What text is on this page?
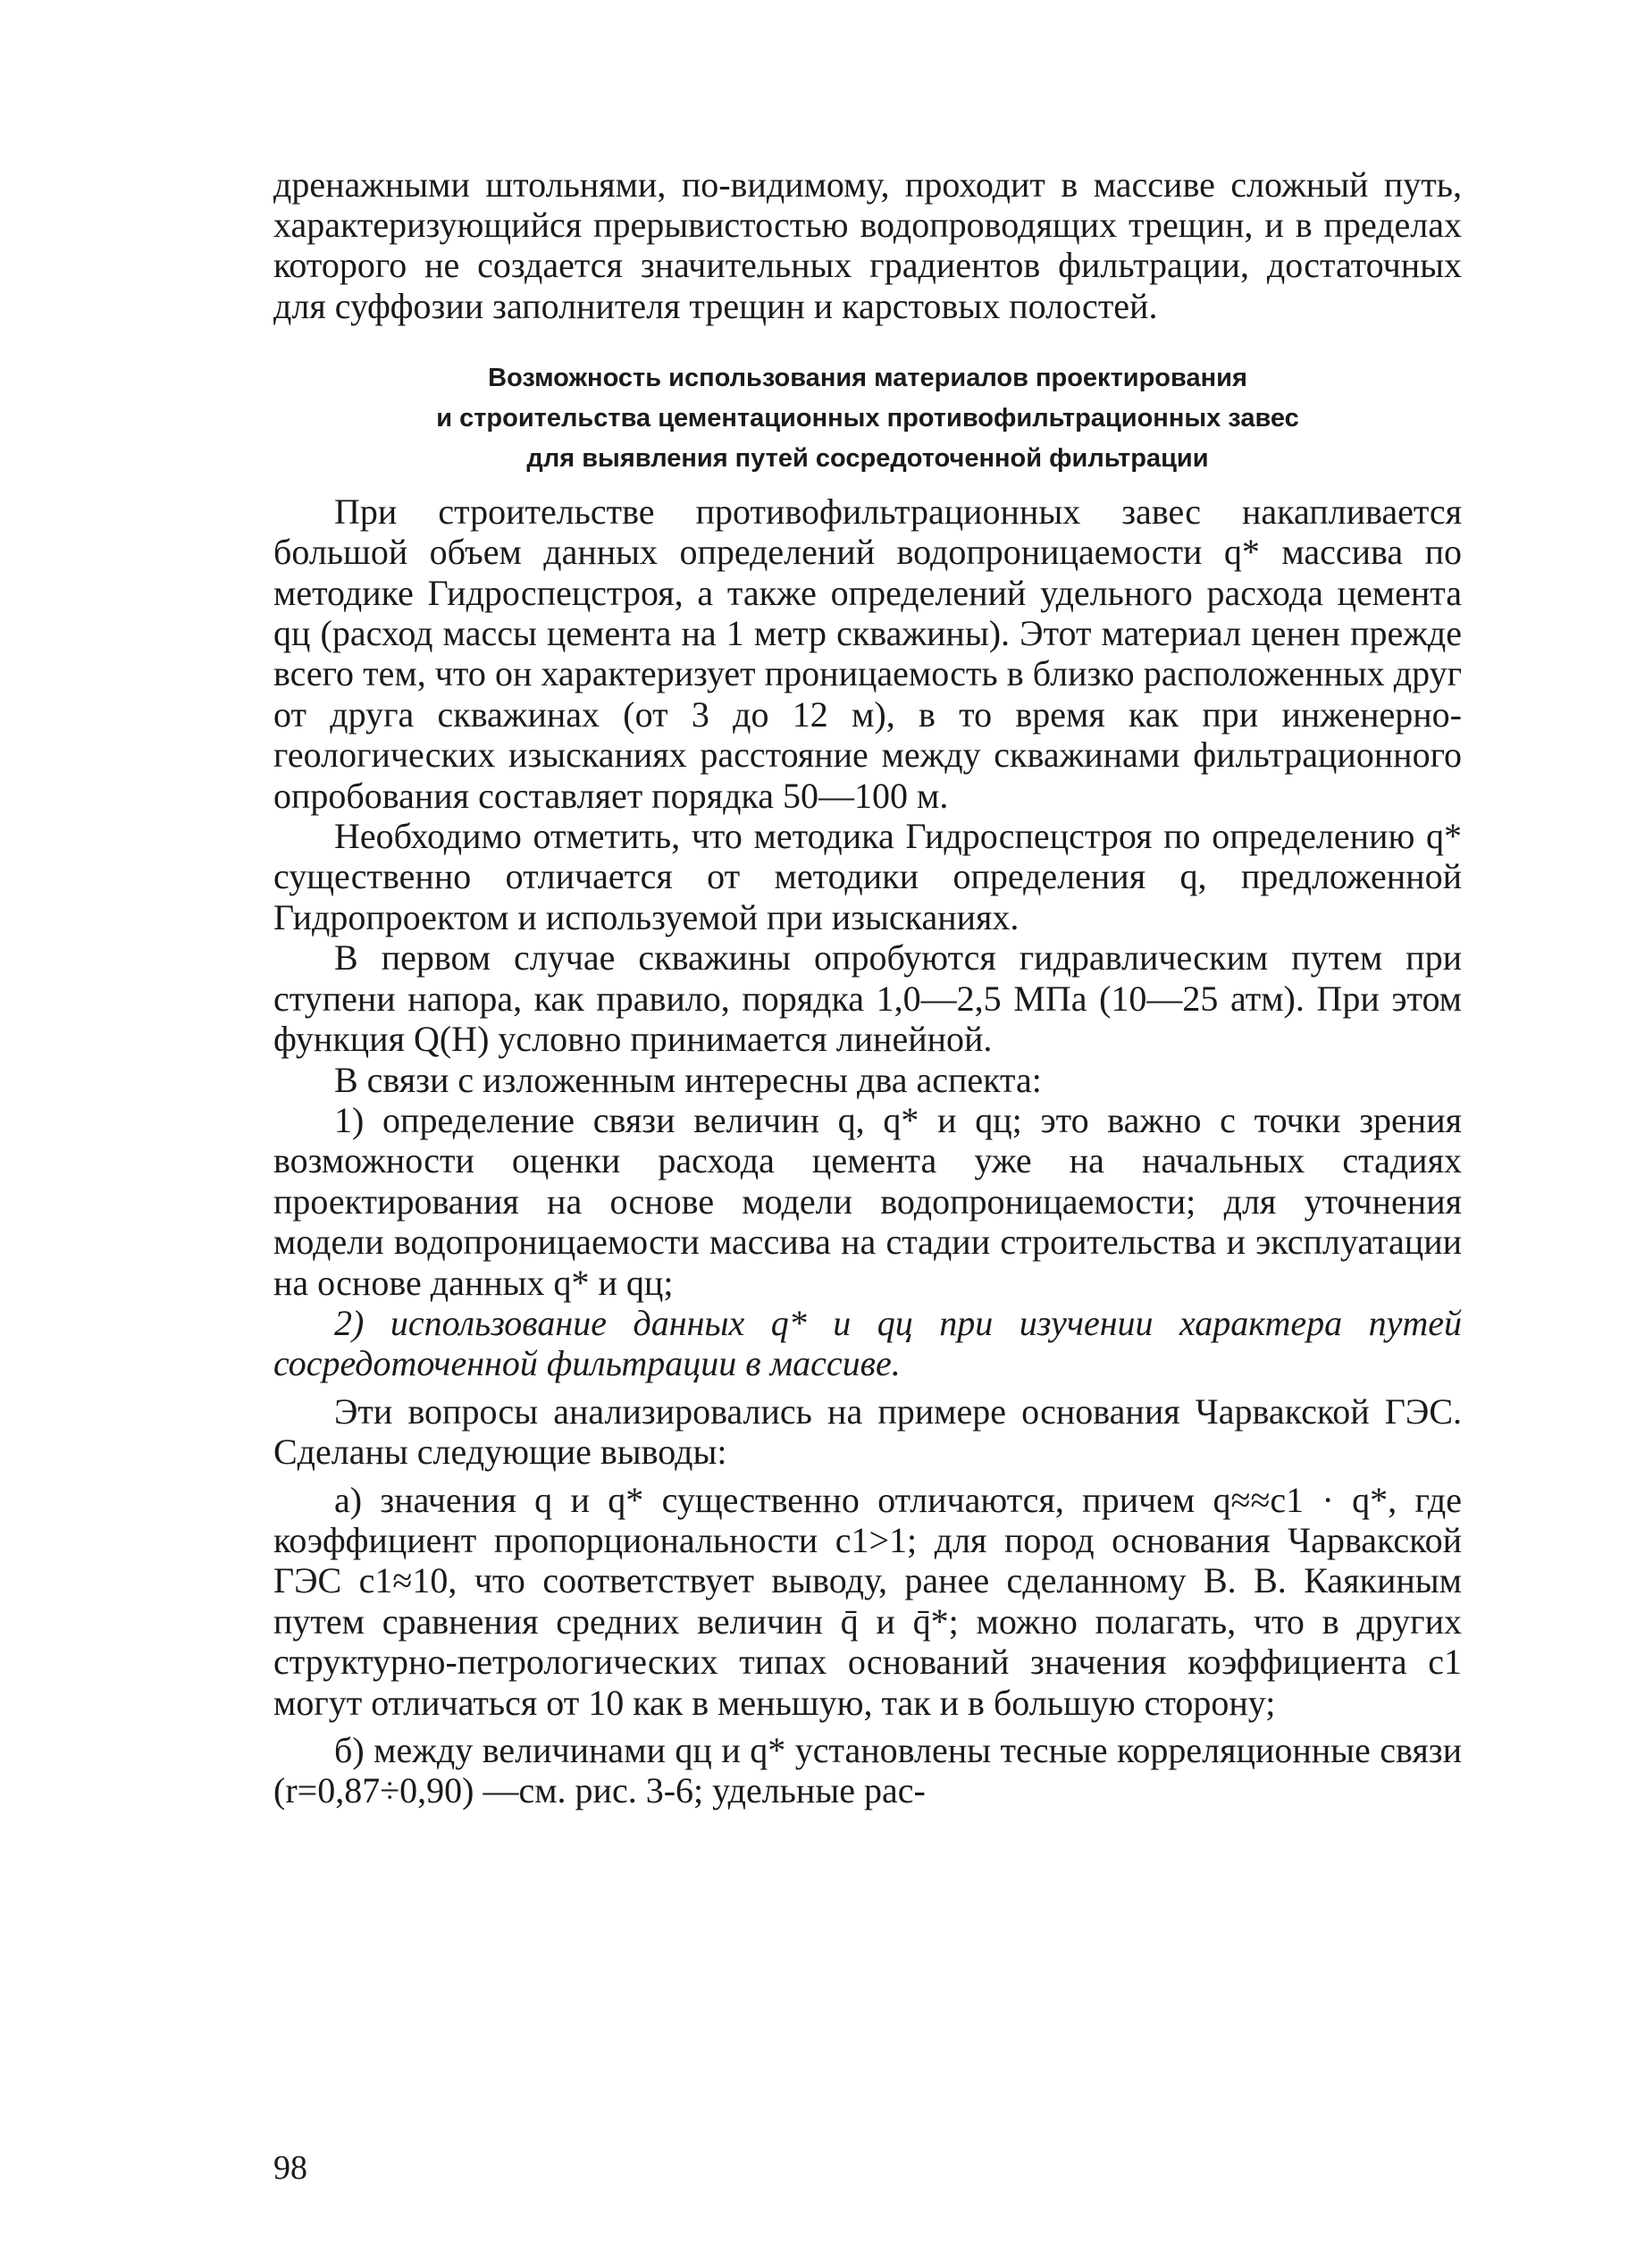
дренажными штольнями, по-видимому, проходит в массиве сложный путь, характеризующийся прерывистостью водопроводящих трещин, и в пределах которого не создается значительных градиентов фильтрации, достаточных для суффозии заполнителя трещин и карстовых полостей.

Возможность использования материалов проектирования
и строительства цементационных противофильтрационных завес
для выявления путей сосредоточенной фильтрации

При строительстве противофильтрационных завес накапливается большой объем данных определений водопроницаемости q* массива по методике Гидроспецстроя, а также определений удельного расхода цемента qц (расход массы цемента на 1 метр скважины). Этот материал ценен прежде всего тем, что он характеризует проницаемость в близко расположенных друг от друга скважинах (от 3 до 12 м), в то время как при инженерно-геологических изысканиях расстояние между скважинами фильтрационного опробования составляет порядка 50—100 м.

Необходимо отметить, что методика Гидроспецстроя по определению q* существенно отличается от методики определения q, предложенной Гидропроектом и используемой при изысканиях.

В первом случае скважины опробуются гидравлическим путем при ступени напора, как правило, порядка 1,0—2,5 МПа (10—25 атм). При этом функция Q(H) условно принимается линейной.

В связи с изложенным интересны два аспекта:

1) определение связи величин q, q* и qц; это важно с точки зрения возможности оценки расхода цемента уже на начальных стадиях проектирования на основе модели водопроницаемости; для уточнения модели водопроницаемости массива на стадии строительства и эксплуатации на основе данных q* и qц;

2) использование данных q* и qц при изучении характера путей сосредоточенной фильтрации в массиве.

Эти вопросы анализировались на примере основания Чарвакской ГЭС. Сделаны следующие выводы:

а) значения q и q* существенно отличаются, причем q≈≈c1 · q*, где коэффициент пропорциональности c1>1; для пород основания Чарвакской ГЭС c1≈10, что соответствует выводу, ранее сделанному В. В. Каякиным путем сравнения средних величин q̄ и q̄*; можно полагать, что в других структурно-петрологических типах оснований значения коэффициента c1 могут отличаться от 10 как в меньшую, так и в большую сторону;

б) между величинами qц и q* установлены тесные корреляционные связи (r=0,87÷0,90) —см. рис. 3-6; удельные рас-

98
